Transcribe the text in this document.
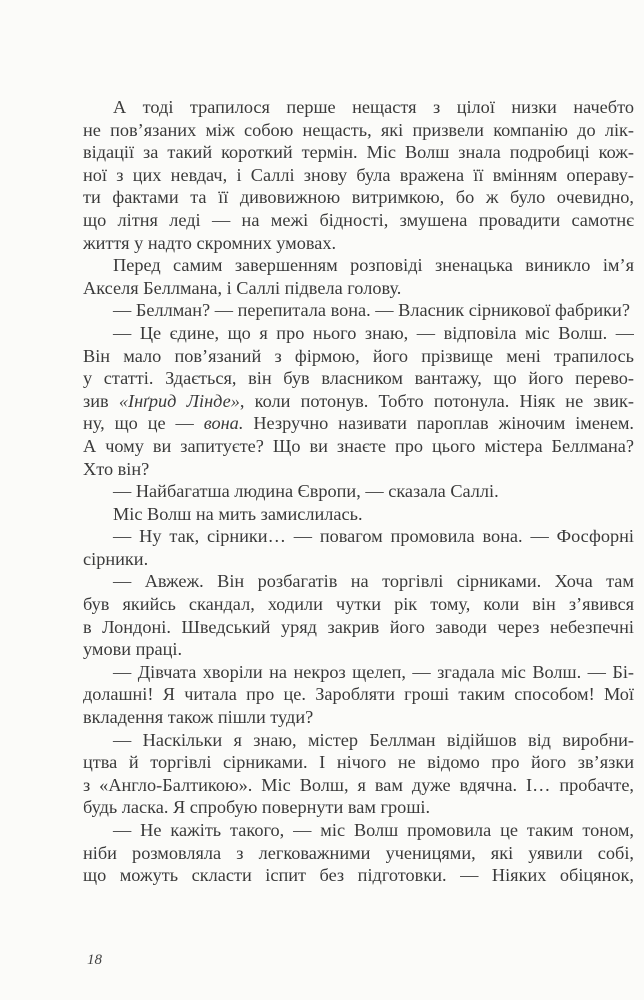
А тоді трапилося перше нещастя з цілої низки начебто
не пов’язаних між собою нещасть, які призвели компанію до лік-
відації за такий короткий термін. Міс Волш знала подробиці кож-
ної з цих невдач, і Саллі знову була вражена її вмінням операву-
ти фактами та її дивовижною витримкою, бо ж було очевидно,
що літня леді — на межі бідності, змушена провадити самотнє
життя у надто скромних умовах.
Перед самим завершенням розповіді зненацька виникло ім’я
Акселя Беллмана, і Саллі підвела голову.
— Беллман? — перепитала вона. — Власник сірникової фабрики?
— Це єдине, що я про нього знаю, — відповіла міс Волш. —
Він мало пов’язаний з фірмою, його прізвище мені трапилось
у статті. Здається, він був власником вантажу, що його перево-
зив «Інґрид Лінде», коли потонув. Тобто потонула. Ніяк не звик-
ну, що це — вона. Незручно називати пароплав жіночим іменем.
А чому ви запитуєте? Що ви знаєте про цього містера Беллмана?
Хто він?
— Найбагатша людина Європи, — сказала Саллі.
Міс Волш на мить замислилась.
— Ну так, сірники… — повагом промовила вона. — Фосфорні
сірники.
— Авжеж. Він розбагатів на торгівлі сірниками. Хоча там
був якийсь скандал, ходили чутки рік тому, коли він з’явився
в Лондоні. Шведський уряд закрив його заводи через небезпечні
умови праці.
— Дівчата хворіли на некроз щелеп, — згадала міс Волш. — Бі-
долашні! Я читала про це. Заробляти гроші таким способом! Мої
вкладення також пішли туди?
— Наскільки я знаю, містер Беллман відійшов від виробни-
цтва й торгівлі сірниками. І нічого не відомо про його зв’язки
з «Англо-Балтикою». Міс Волш, я вам дуже вдячна. І… пробачте,
будь ласка. Я спробую повернути вам гроші.
— Не кажіть такого, — міс Волш промовила це таким тоном,
ніби розмовляла з легковажними ученицями, які уявили собі,
що можуть скласти іспит без підготовки. — Ніяких обіцянок,
18
